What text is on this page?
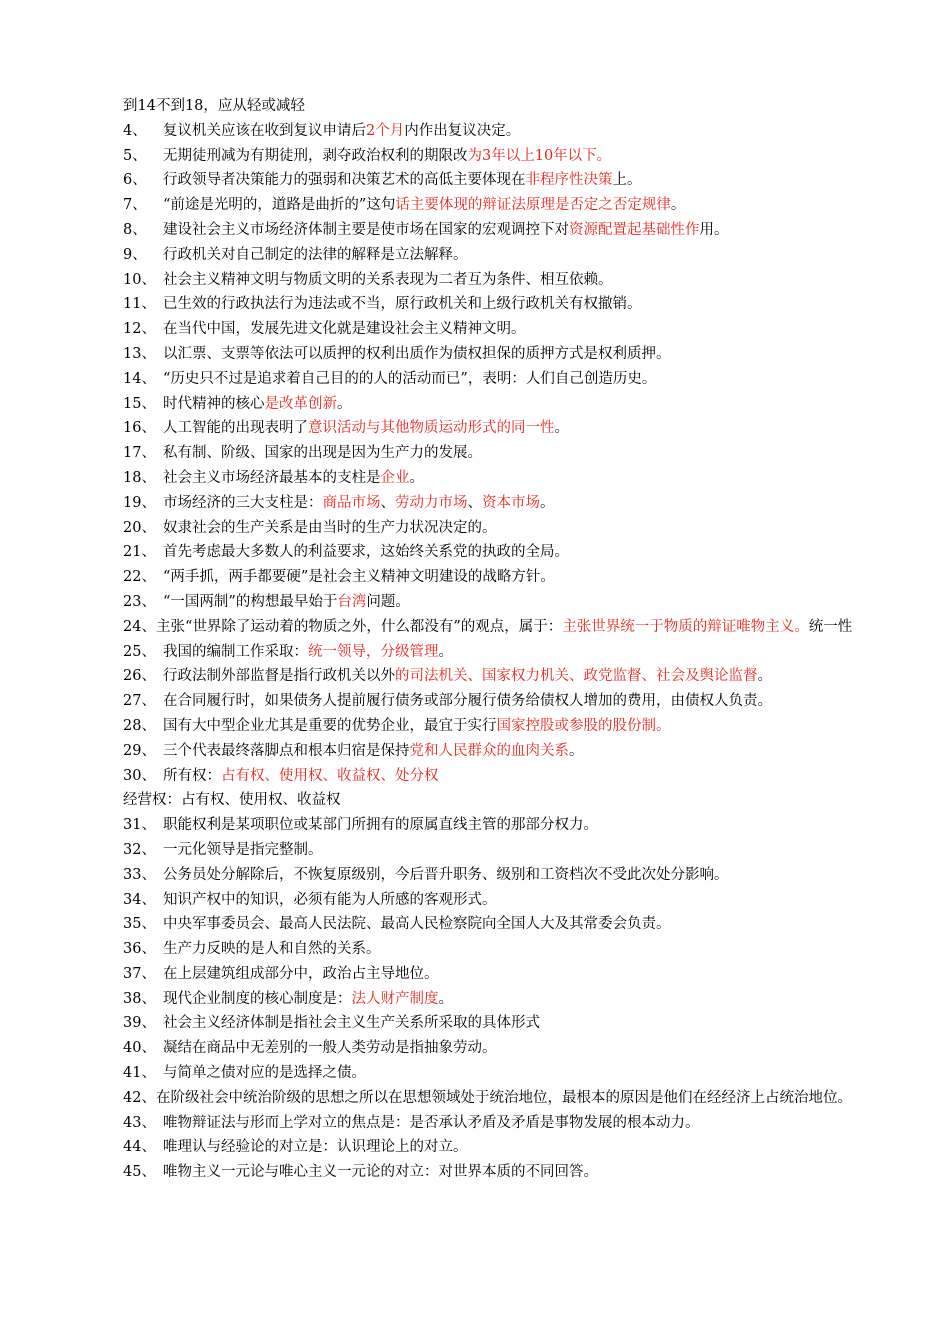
到14不到18，应从轻或减轻
4、 复议机关应该在收到复议申请后2个月内作出复议决定。
5、 无期徒刑减为有期徒刑，剥夺政治权利的期限改为3年以上10年以下。
6、 行政领导者决策能力的强弱和决策艺术的高低主要体现在非程序性决策上。
7、 “前途是光明的，道路是曲折的”这句话主要体现的辩证法原理是否定之否定规律。
8、 建设社会主义市场经济体制主要是使市场在国家的宏观调控下对资源配置起基础性作用。
9、 行政机关对自己制定的法律的解释是立法解释。
10、 社会主义精神文明与物质文明的关系表现为二者互为条件、相互依赖。
11、 已生效的行政执法行为违法或不当，原行政机关和上级行政机关有权撤销。
12、 在当代中国，发展先进文化就是建设社会主义精神文明。
13、 以汇票、支票等依法可以质押的权利出质作为债权担保的质押方式是权利质押。
14、 “历史只不过是追求着自己目的的人的活动而已”，表明：人们自己创造历史。
15、 时代精神的核心是改革创新。
16、 人工智能的出现表明了意识活动与其他物质运动形式的同一性。
17、 私有制、阶级、国家的出现是因为生产力的发展。
18、 社会主义市场经济最基本的支柱是企业。
19、 市场经济的三大支柱是：商品市场、劳动力市场、资本市场。
20、 奴隶社会的生产关系是由当时的生产力状况决定的。
21、 首先考虑最大多数人的利益要求，这始终关系党的执政的全局。
22、 “两手抓，两手都要硬”是社会主义精神文明建设的战略方针。
23、 “一国两制”的构想最早始于台湾问题。
24、主张“世界除了运动着的物质之外，什么都没有”的观点，属于：主张世界统一于物质的辩证唯物主义。统一性
25、 我国的编制工作采取：统一领导，分级管理。
26、 行政法制外部监督是指行政机关以外的司法机关、国家权力机关、政党监督、社会及舆论监督。
27、 在合同履行时，如果债务人提前履行债务或部分履行债务给债权人增加的费用，由债权人负责。
28、 国有大中型企业尤其是重要的优势企业，最宜于实行国家控股或参股的股份制。
29、 三个代表最终落脚点和根本归宿是保持党和人民群众的血肉关系。
30、 所有权：占有权、使用权、收益权、处分权
经营权：占有权、使用权、收益权
31、 职能权利是某项职位或某部门所拥有的原属直线主管的那部分权力。
32、 一元化领导是指完整制。
33、 公务员处分解除后，不恢复原级别，今后晋升职务、级别和工资档次不受此次处分影响。
34、 知识产权中的知识，必须有能为人所感的客观形式。
35、 中央军事委员会、最高人民法院、最高人民检察院向全国人大及其常委会负责。
36、 生产力反映的是人和自然的关系。
37、 在上层建筑组成部分中，政治占主导地位。
38、 现代企业制度的核心制度是：法人财产制度。
39、 社会主义经济体制是指社会主义生产关系所采取的具体形式
40、 凝结在商品中无差别的一般人类劳动是指抽象劳动。
41、 与简单之债对应的是选择之债。
42、在阶级社会中统治阶级的思想之所以在思想领域处于统治地位，最根本的原因是他们在经经济上占统治地位。
43、 唯物辩证法与形而上学对立的焦点是：是否承认矛盾及矛盾是事物发展的根本动力。
44、 唯理认与经验论的对立是：认识理论上的对立。
45、 唯物主义一元论与唯心主义一元论的对立：对世界本质的不同回答。
